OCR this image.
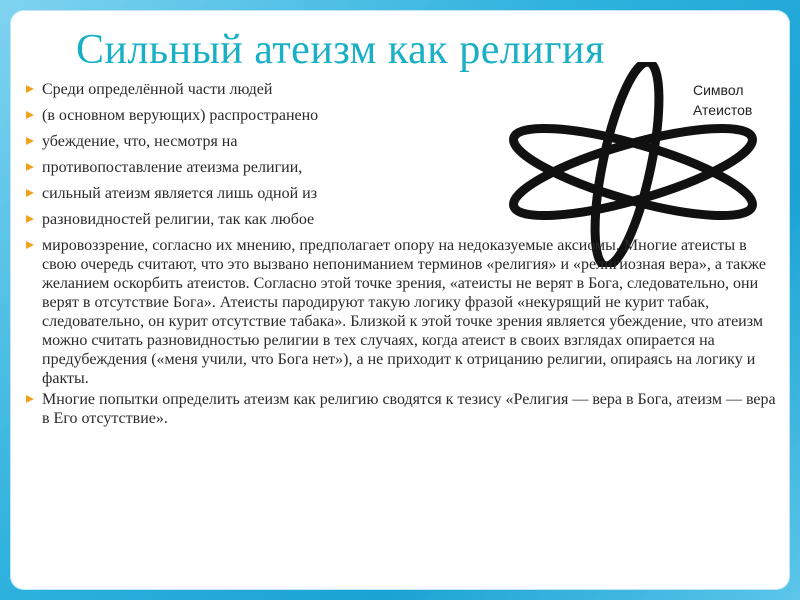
Сильный атеизм как религия
Символ
Атеистов
Среди определённой части людей
(в основном верующих) распространено
убеждение, что, несмотря на
противопоставление атеизма религии,
сильный атеизм является лишь одной из
разновидностей религии, так как любое
мировоззрение, согласно их мнению, предполагает опору на недоказуемые аксиомы. Многие атеисты в свою очередь считают, что это вызвано непониманием терминов «религия» и «религиозная вера», а также желанием оскорбить атеистов. Согласно этой точке зрения, «атеисты не верят в Бога, следовательно, они верят в отсутствие Бога». Атеисты пародируют такую логику фразой «некурящий не курит табак, следовательно, он курит отсутствие табака». Близкой к этой точке зрения является убеждение, что атеизм можно считать разновидностью религии в тех случаях, когда атеист в своих взглядах опирается на предубеждения («меня учили, что Бога нет»), а не приходит к отрицанию религии, опираясь на логику и факты.
Многие попытки определить атеизм как религию сводятся к тезису «Религия — вера в Бога, атеизм — вера в Его отсутствие».
